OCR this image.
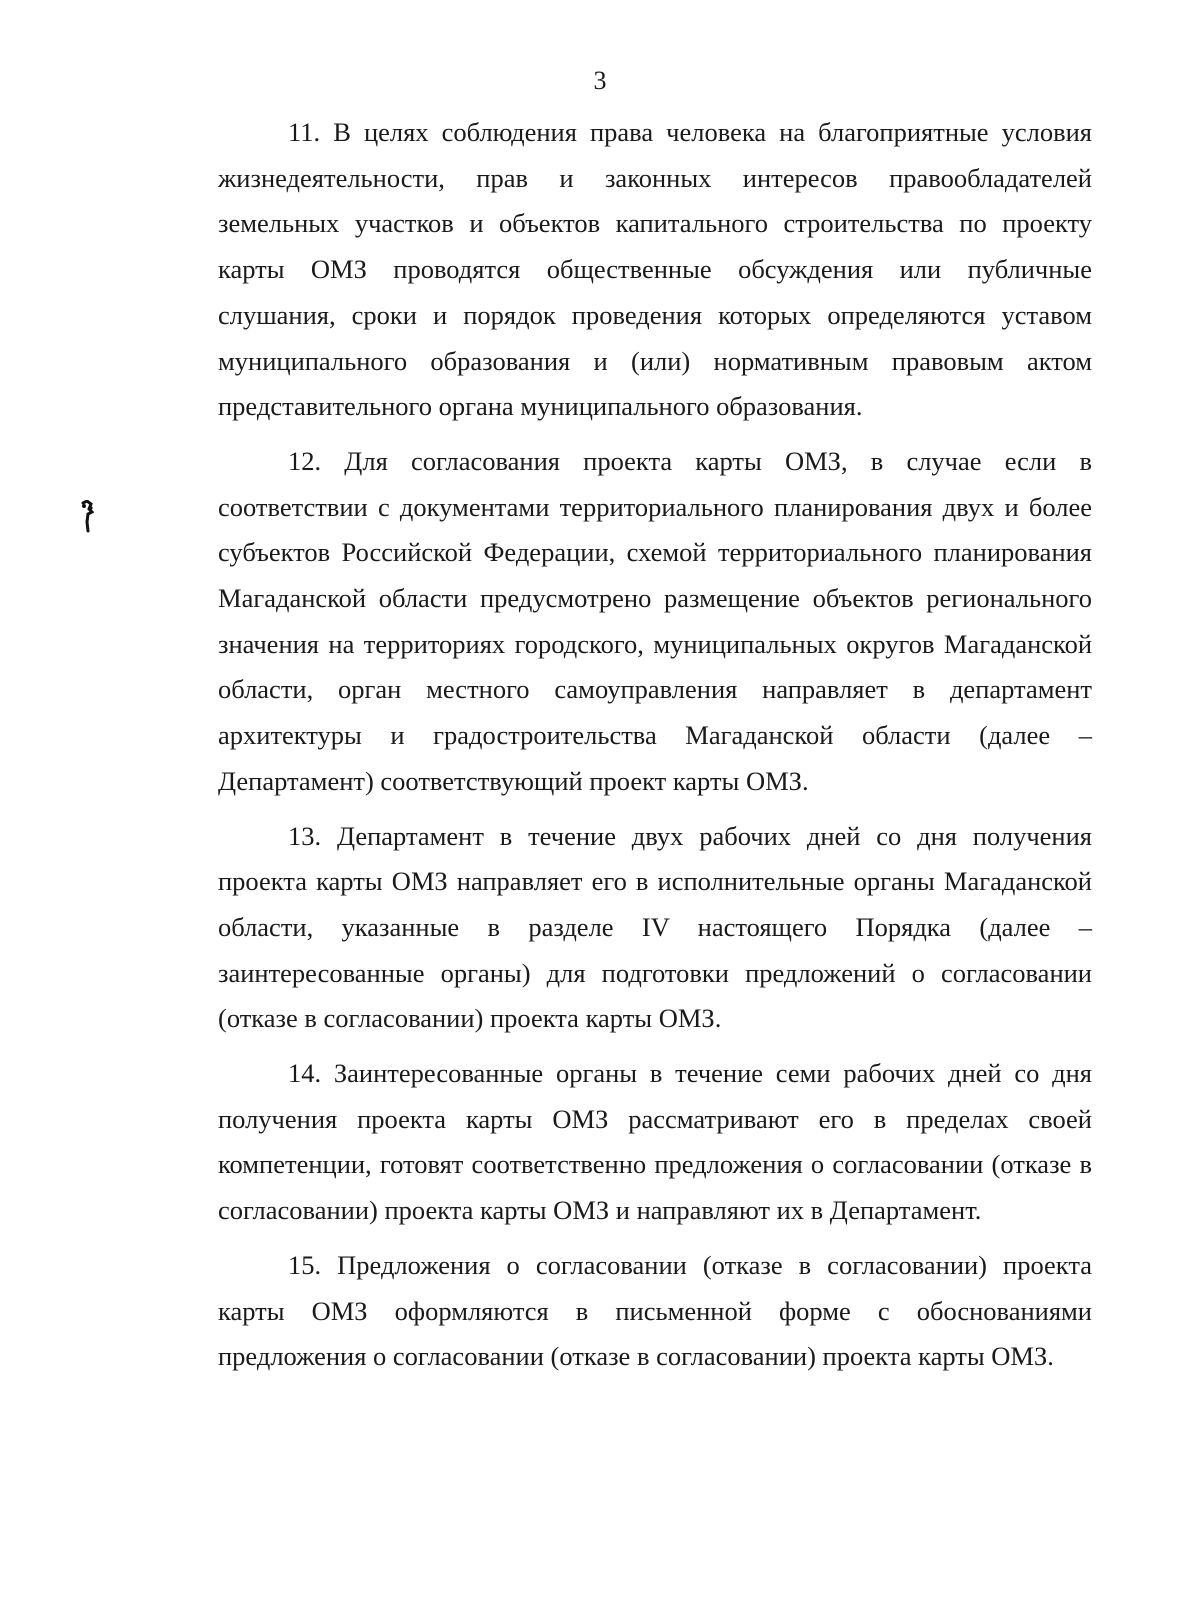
3

11. В целях соблюдения права человека на благоприятные условия жизнедеятельности, прав и законных интересов правообладателей земельных участков и объектов капитального строительства по проекту карты ОМЗ проводятся общественные обсуждения или публичные слушания, сроки и порядок проведения которых определяются уставом муниципального образования и (или) нормативным правовым актом представительного органа муниципального образования.

12. Для согласования проекта карты ОМЗ, в случае если в соответствии с документами территориального планирования двух и более субъектов Российской Федерации, схемой территориального планирования Магаданской области предусмотрено размещение объектов регионального значения на территориях городского, муниципальных округов Магаданской области, орган местного самоуправления направляет в департамент архитектуры и градостроительства Магаданской области (далее – Департамент) соответствующий проект карты ОМЗ.

13. Департамент в течение двух рабочих дней со дня получения проекта карты ОМЗ направляет его в исполнительные органы Магаданской области, указанные в разделе IV настоящего Порядка (далее – заинтересованные органы) для подготовки предложений о согласовании (отказе в согласовании) проекта карты ОМЗ.

14. Заинтересованные органы в течение семи рабочих дней со дня получения проекта карты ОМЗ рассматривают его в пределах своей компетенции, готовят соответственно предложения о согласовании (отказе в согласовании) проекта карты ОМЗ и направляют их в Департамент.

15. Предложения о согласовании (отказе в согласовании) проекта карты ОМЗ оформляются в письменной форме с обоснованиями предложения о согласовании (отказе в согласовании) проекта карты ОМЗ.
